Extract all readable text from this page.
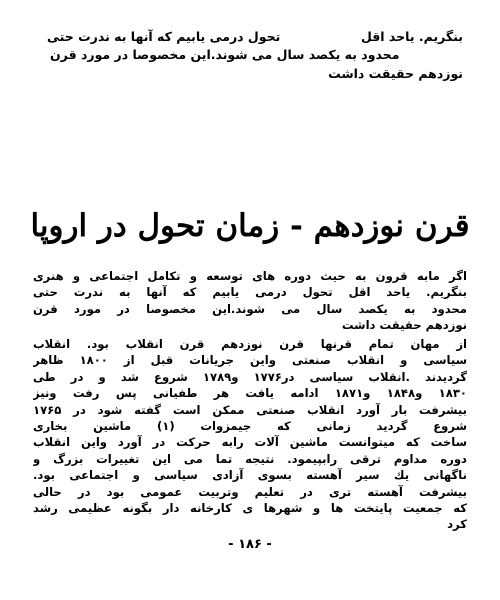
بنگریم. یاحد اقل
تحول درمی یابیم که آنها به ندرت حتی
محدود به یکصد سال می شوند.این مخصوصا در مورد قرن
نوزدهم حقیقت داشت
قرن نوزدهم - زمان تحول در اروپا
اگر مابه قرون به حیث دوره های توسعه و تکامل اجتماعی و هنری
بنگریم. یاحد اقل تحول درمی یابیم که آنها به ندرت حتی
محدود به یکصد سال می شوند.این مخصوصا در مورد قرن
نوزدهم حقیقت داشت
از مهان تمام قرنها قرن نوزدهم قرن انقلاب بود. انقلاب
سیاسی و انقلاب صنعتی واین جریانات قبل از ۱۸۰۰ ظاهر
گردیدند .انقلاب سیاسی در۱۷۷۶ و۱۷۸۹ شروع شد و در طی
۱۸۳۰ و۱۸۴۸ و۱۸۷۱ ادامه یافت هر طفیانی پس رفت ونیز
بیشرفت بار آورد انقلاب صنعتی ممکن است گفته شود در ۱۷۶۵
شروع گردید زمانی که جیمزوات (۱) ماشین بخاری
ساخت که میتوانست ماشین آلات رابه حرکت در آورد واین انقلاب
دوره مداوم ترقی رابپیمود. نتیجه تما می این تغییرات بزرگ و
ناگهانی یك سیر آهسته بسوی آزادی سیاسی و اجتماعی بود.
بیشرفت آهسته ترى در تعلیم وتربیت عمومی بود در حالی
که جمعیت پایتخت ها و شهرها ی کارخانه دار بگونه عظیمی رشد
کرد
- ۱۸۶ -
